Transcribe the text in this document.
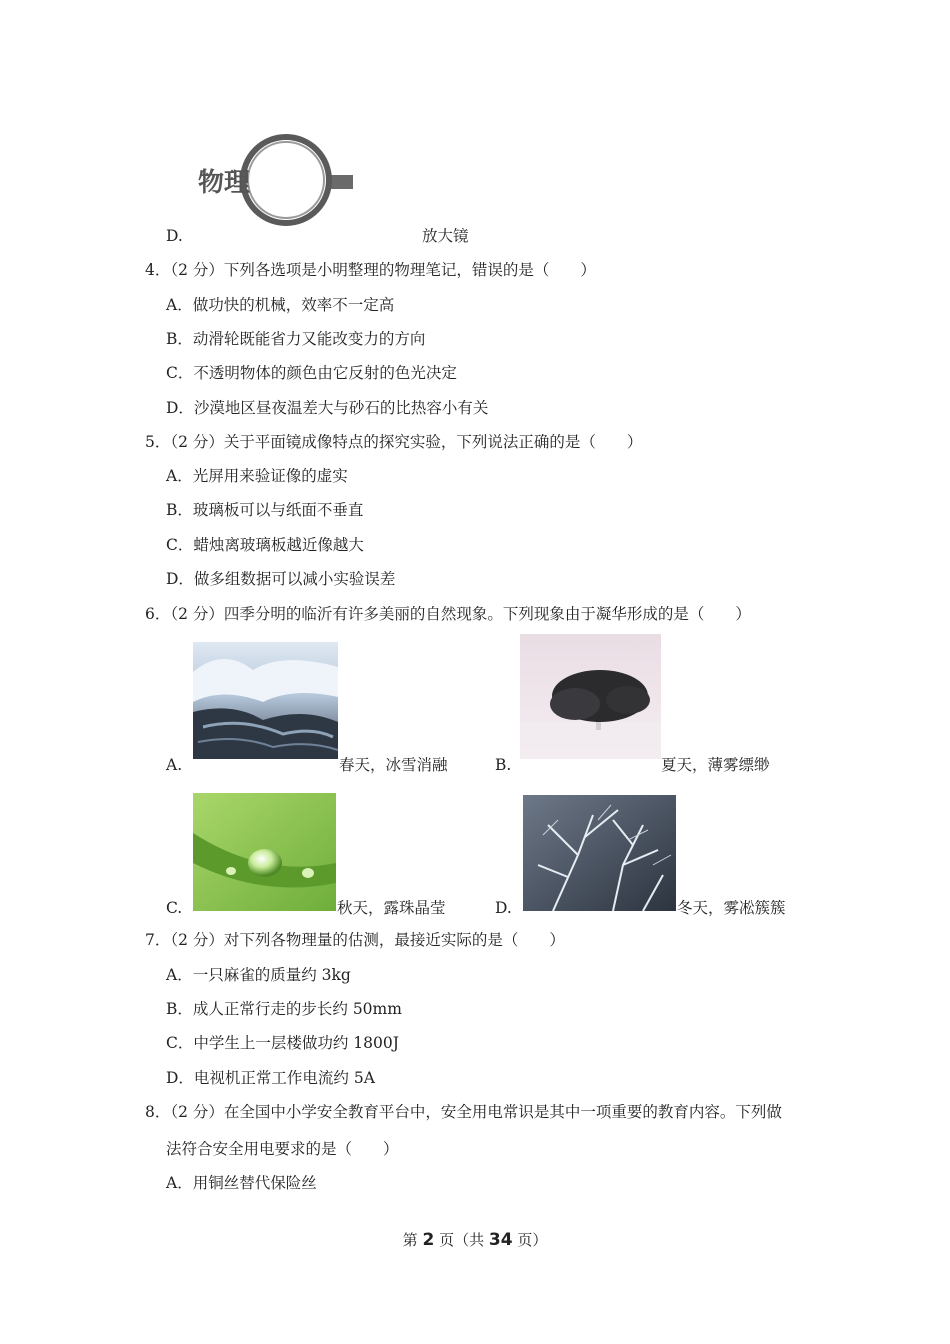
物理
D.	放大镜
4．（2 分）下列各选项是小明整理的物理笔记，错误的是（　　）
A．做功快的机械，效率不一定高
B．动滑轮既能省力又能改变力的方向
C．不透明物体的颜色由它反射的色光决定
D．沙漠地区昼夜温差大与砂石的比热容小有关
5．（2 分）关于平面镜成像特点的探究实验，下列说法正确的是（　　）
A．光屏用来验证像的虚实
B．玻璃板可以与纸面不垂直
C．蜡烛离玻璃板越近像越大
D．做多组数据可以减小实验误差
6．（2 分）四季分明的临沂有许多美丽的自然现象。下列现象由于凝华形成的是（　　）
A.	春天，冰雪消融	B.	夏天，薄雾缥缈
C.	秋天，露珠晶莹	D.	冬天，雾凇簇簇
7．（2 分）对下列各物理量的估测，最接近实际的是（　　）
A．一只麻雀的质量约 3kg
B．成人正常行走的步长约 50mm
C．中学生上一层楼做功约 1800J
D．电视机正常工作电流约 5A
8．（2 分）在全国中小学安全教育平台中，安全用电常识是其中一项重要的教育内容。下列做
法符合安全用电要求的是（　　）
A．用铜丝替代保险丝
第 2 页（共 34 页）
